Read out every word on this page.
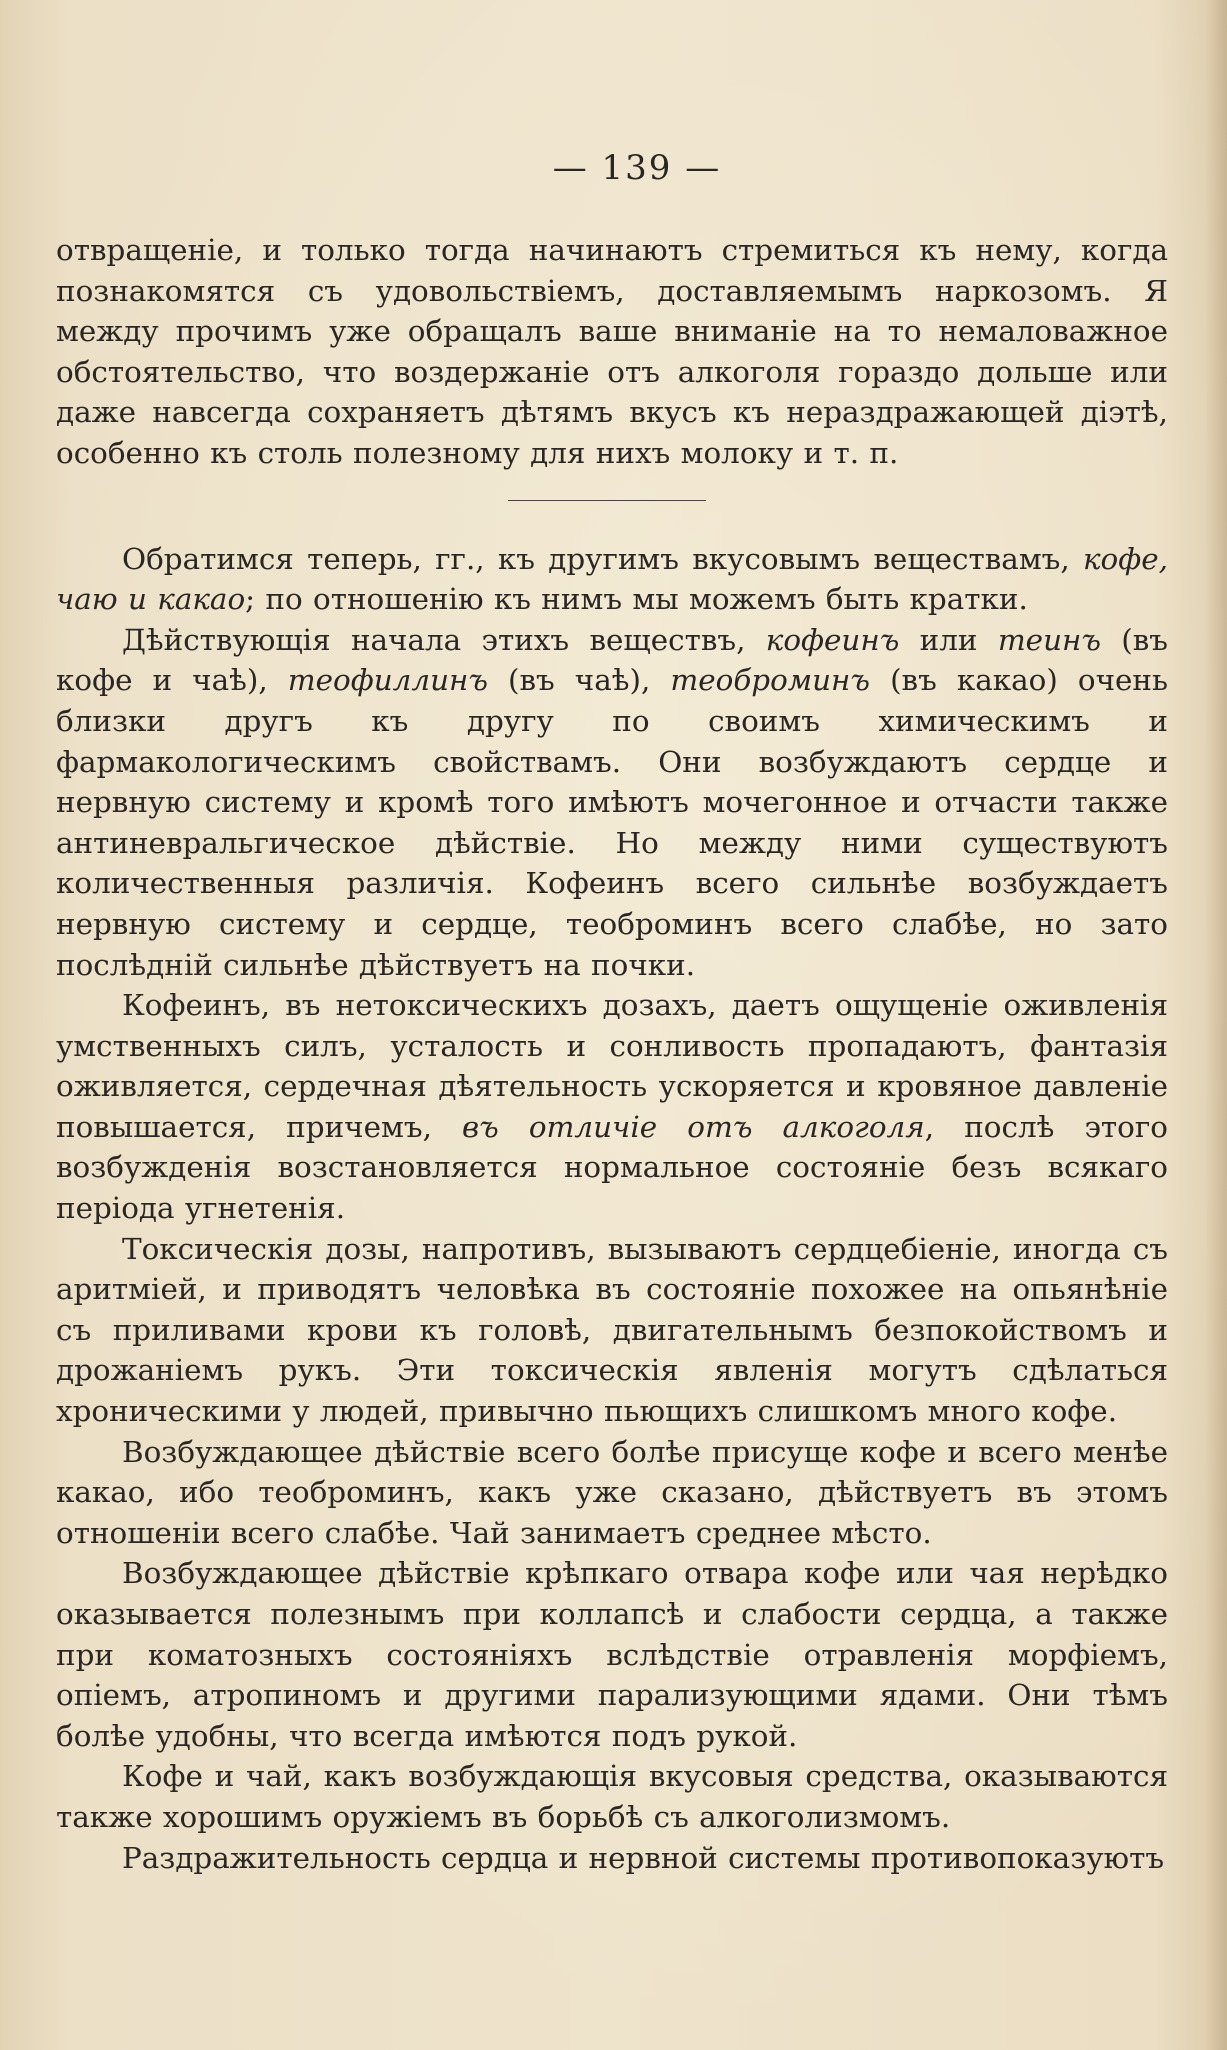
— 139 —

отвращеніе, и только тогда начинаютъ стремиться къ нему, когда познакомятся съ удовольствіемъ, доставляемымъ наркозомъ. Я между прочимъ уже обращалъ ваше вниманіе на то немаловажное обстоятельство, что воздержаніе отъ алкоголя гораздо дольше или даже навсегда сохраняетъ дѣтямъ вкусъ къ нераздражающей діэтѣ, особенно къ столь полезному для нихъ молоку и т. п.

Обратимся теперь, гг., къ другимъ вкусовымъ веществамъ, кофе, чаю и какао; по отношенію къ нимъ мы можемъ быть кратки.

Дѣйствующія начала этихъ веществъ, кофеинъ или теинъ (въ кофе и чаѣ), теофиллинъ (въ чаѣ), теоброминъ (въ какао) очень близки другъ къ другу по своимъ химическимъ и фармакологическимъ свойствамъ. Они возбуждаютъ сердце и нервную систему и кромѣ того имѣютъ мочегонное и отчасти также антиневральгическое дѣйствіе. Но между ними существуютъ количественныя различія. Кофеинъ всего сильнѣе возбуждаетъ нервную систему и сердце, теоброминъ всего слабѣе, но зато послѣдній сильнѣе дѣйствуетъ на почки.

Кофеинъ, въ нетоксическихъ дозахъ, даетъ ощущеніе оживленія умственныхъ силъ, усталость и сонливость пропадаютъ, фантазія оживляется, сердечная дѣятельность ускоряется и кровяное давленіе повышается, причемъ, въ отличіе отъ алкоголя, послѣ этого возбужденія возстановляется нормальное состояніе безъ всякаго періода угнетенія.

Токсическія дозы, напротивъ, вызываютъ сердцебіеніе, иногда съ аритміей, и приводятъ человѣка въ состояніе похожее на опьянѣніе съ приливами крови къ головѣ, двигательнымъ безпокойствомъ и дрожаніемъ рукъ. Эти токсическія явленія могутъ сдѣлаться хроническими у людей, привычно пьющихъ слишкомъ много кофе.

Возбуждающее дѣйствіе всего болѣе присуще кофе и всего менѣе какао, ибо теоброминъ, какъ уже сказано, дѣйствуетъ въ этомъ отношеніи всего слабѣе. Чай занимаетъ среднее мѣсто.

Возбуждающее дѣйствіе крѣпкаго отвара кофе или чая нерѣдко оказывается полезнымъ при коллапсѣ и слабости сердца, а также при коматозныхъ состояніяхъ вслѣдствіе отравленія морфіемъ, опіемъ, атропиномъ и другими парализующими ядами. Они тѣмъ болѣе удобны, что всегда имѣются подъ рукой.

Кофе и чай, какъ возбуждающія вкусовыя средства, оказываются также хорошимъ оружіемъ въ борьбѣ съ алкоголизмомъ.

Раздражительность сердца и нервной системы противопоказуютъ
